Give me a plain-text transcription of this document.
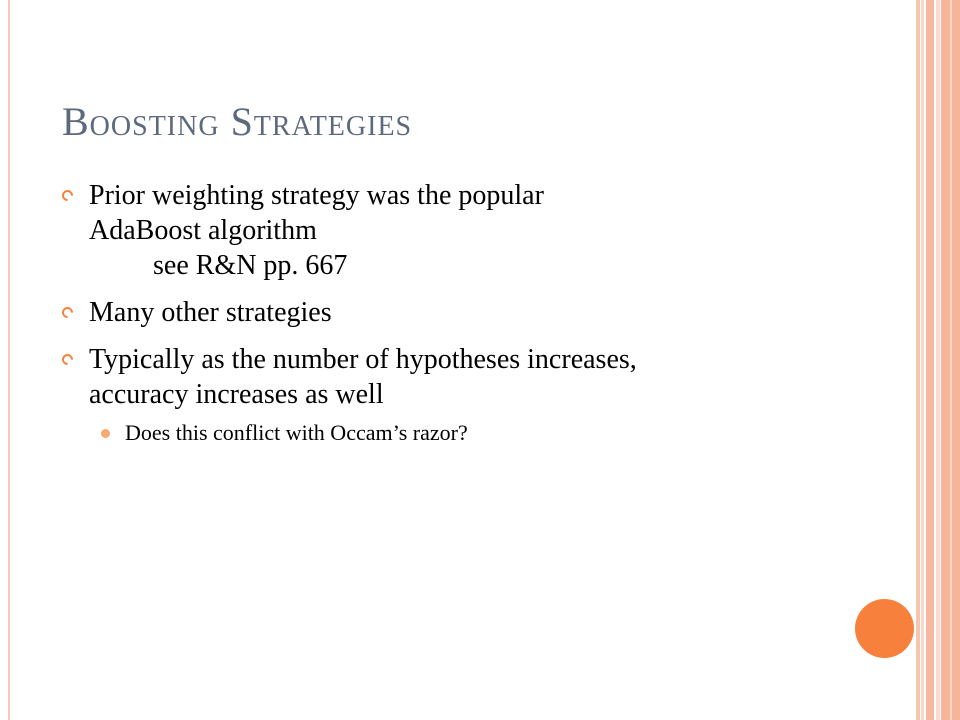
Boosting Strategies
Prior weighting strategy was the popular
AdaBoost algorithm
see R&N pp. 667
Many other strategies
Typically as the number of hypotheses increases,
accuracy increases as well
Does this conflict with Occam’s razor?
